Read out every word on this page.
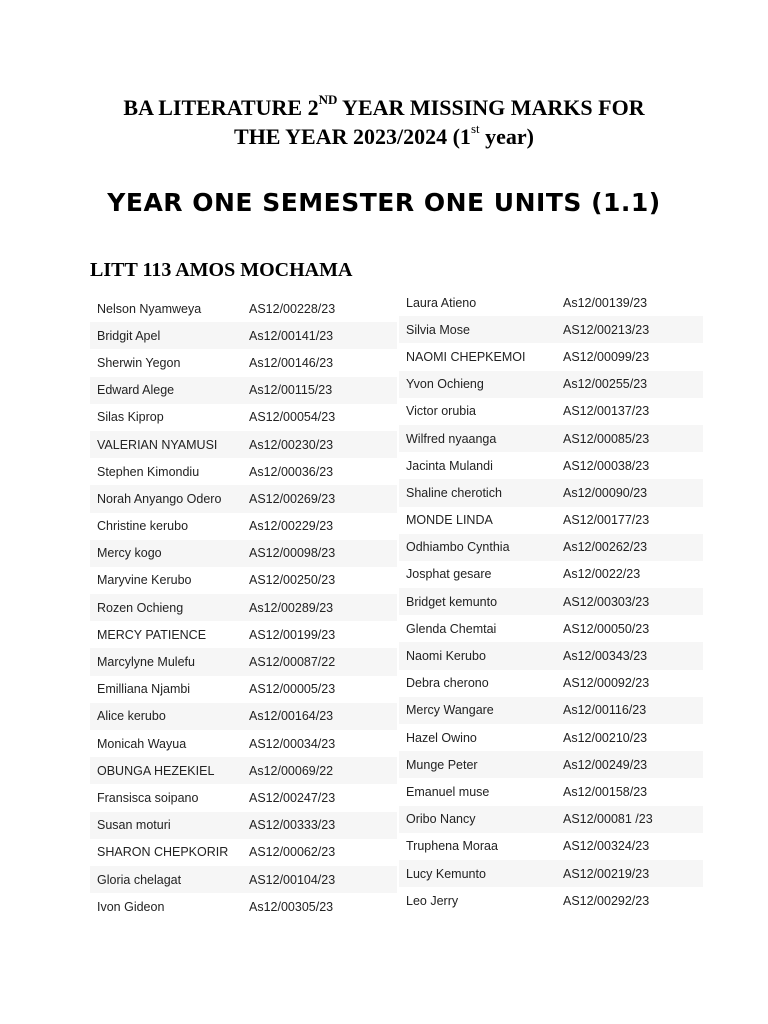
BA LITERATURE 2ND YEAR MISSING MARKS FOR
THE YEAR 2023/2024 (1st year)
YEAR ONE SEMESTER ONE UNITS (1.1)
LITT 113 AMOS MOCHAMA
Nelson Nyamweya	AS12/00228/23
Bridgit Apel	As12/00141/23
Sherwin Yegon	As12/00146/23
Edward Alege	As12/00115/23
Silas Kiprop	AS12/00054/23
VALERIAN NYAMUSI	As12/00230/23
Stephen Kimondiu	As12/00036/23
Norah Anyango Odero	AS12/00269/23
Christine kerubo	As12/00229/23
Mercy kogo	AS12/00098/23
Maryvine Kerubo	AS12/00250/23
Rozen Ochieng	As12/00289/23
MERCY PATIENCE	AS12/00199/23
Marcylyne Mulefu	AS12/00087/22
Emilliana Njambi	AS12/00005/23
Alice kerubo	As12/00164/23
Monicah Wayua	AS12/00034/23
OBUNGA HEZEKIEL	As12/00069/22
Fransisca soipano	AS12/00247/23
Susan moturi	AS12/00333/23
SHARON CHEPKORIR	AS12/00062/23
Gloria chelagat	AS12/00104/23
Ivon Gideon	As12/00305/23
Laura Atieno	As12/00139/23
Silvia Mose	AS12/00213/23
NAOMI CHEPKEMOI	AS12/00099/23
Yvon Ochieng	As12/00255/23
Victor orubia	AS12/00137/23
Wilfred nyaanga	AS12/00085/23
Jacinta Mulandi	AS12/00038/23
Shaline cherotich	As12/00090/23
MONDE LINDA	AS12/00177/23
Odhiambo Cynthia	As12/00262/23
Josphat gesare	As12/0022/23
Bridget kemunto	AS12/00303/23
Glenda Chemtai	AS12/00050/23
Naomi Kerubo	As12/00343/23
Debra cherono	AS12/00092/23
Mercy Wangare	As12/00116/23
Hazel Owino	As12/00210/23
Munge Peter	As12/00249/23
Emanuel muse	As12/00158/23
Oribo Nancy	AS12/00081 /23
Truphena Moraa	AS12/00324/23
Lucy Kemunto	AS12/00219/23
Leo Jerry	AS12/00292/23
